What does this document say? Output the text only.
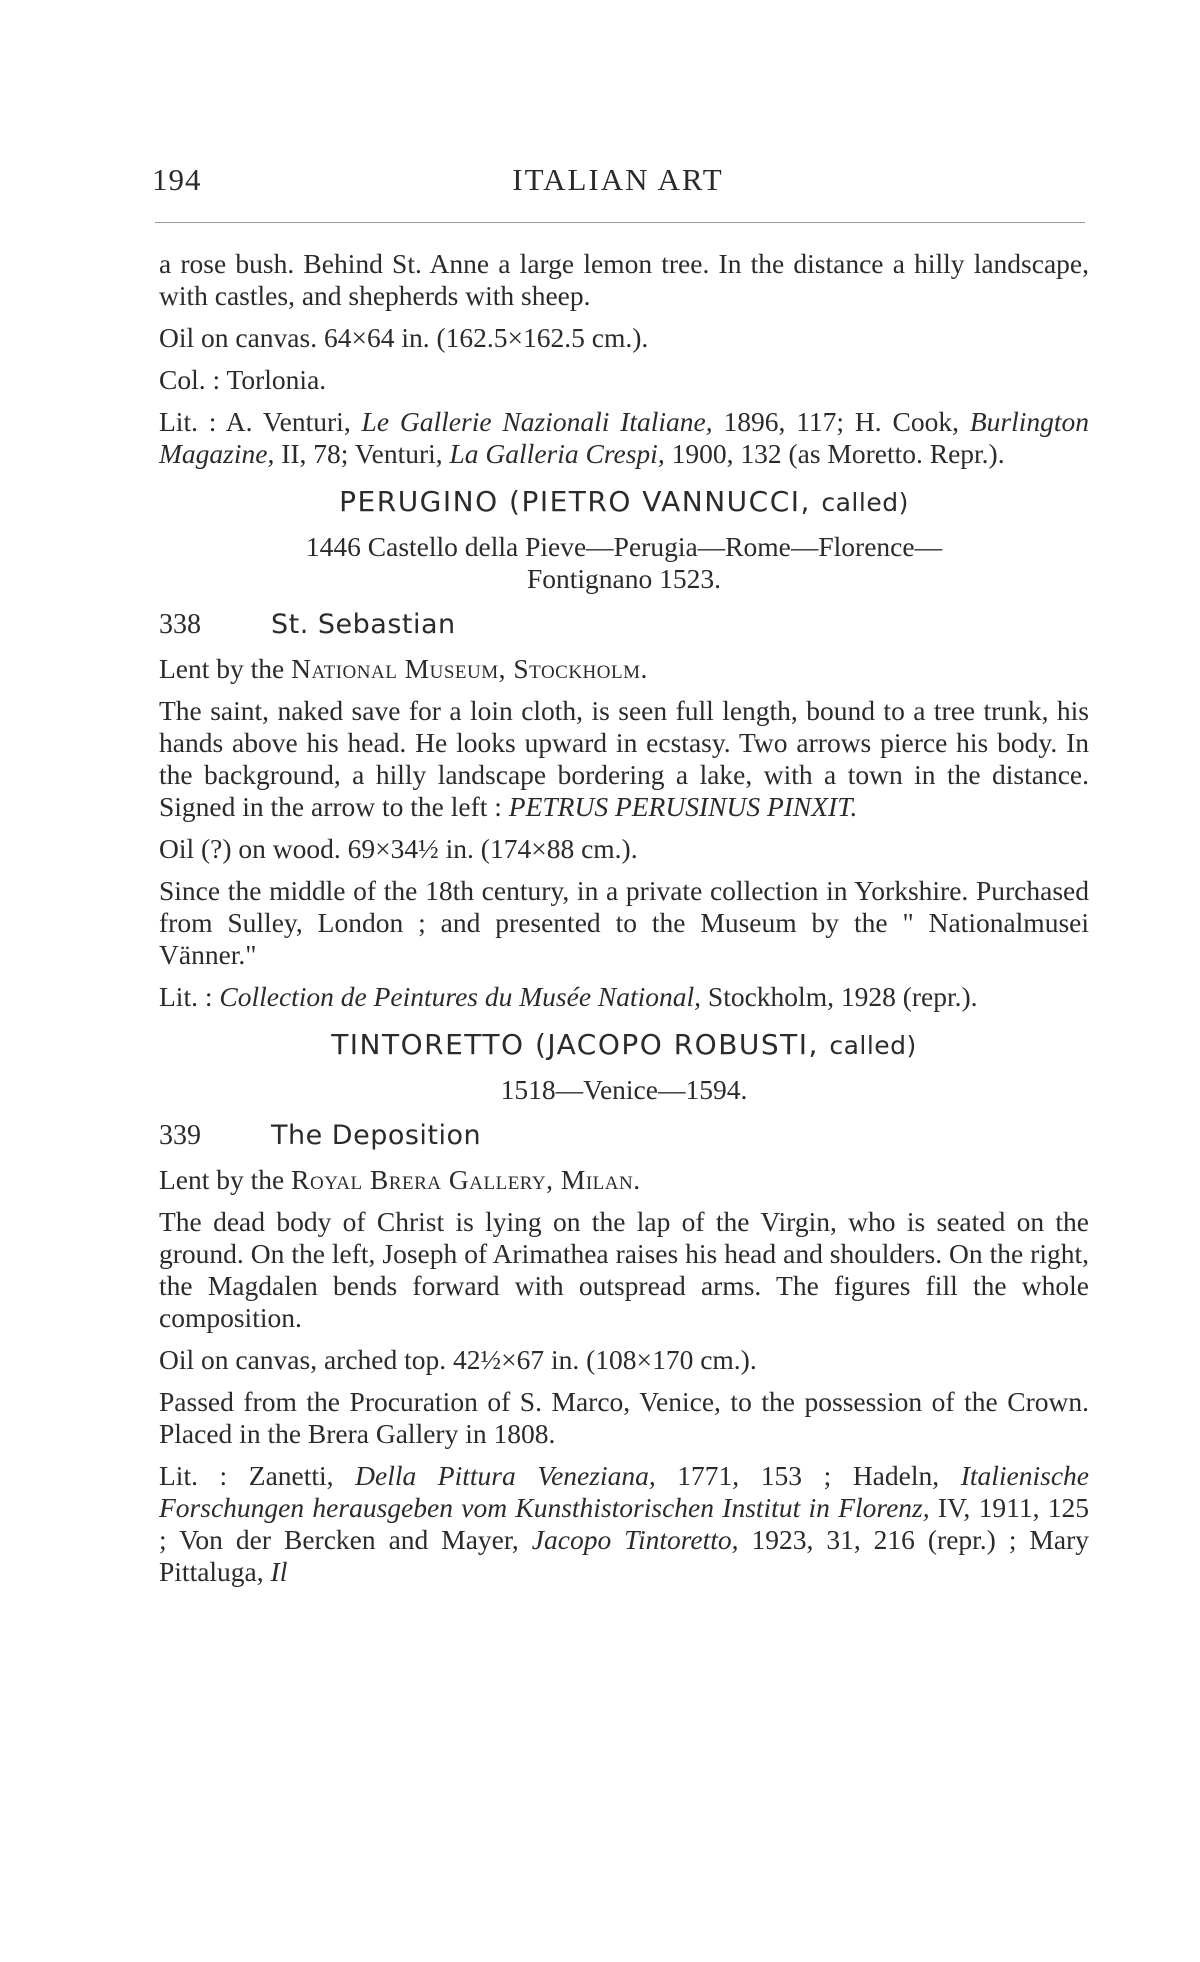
194	ITALIAN ART

a rose bush. Behind St. Anne a large lemon tree. In the distance a hilly landscape, with castles, and shepherds with sheep.

Oil on canvas. 64×64 in. (162.5×162.5 cm.).

Col. : Torlonia.

Lit. : A. Venturi, Le Gallerie Nazionali Italiane, 1896, 117; H. Cook, Burlington Magazine, II, 78; Venturi, La Galleria Crespi, 1900, 132 (as Moretto. Repr.).

PERUGINO (PIETRO VANNUCCI, called)
1446 Castello della Pieve—Perugia—Rome—Florence—
Fontignano 1523.
338	St. Sebastian

Lent by the National Museum, Stockholm.

The saint, naked save for a loin cloth, is seen full length, bound to a tree trunk, his hands above his head. He looks upward in ecstasy. Two arrows pierce his body. In the background, a hilly landscape bordering a lake, with a town in the distance. Signed in the arrow to the left : PETRUS PERUSINUS PINXIT.

Oil (?) on wood. 69×34½ in. (174×88 cm.).

Since the middle of the 18th century, in a private collection in Yorkshire. Purchased from Sulley, London ; and presented to the Museum by the " Nationalmusei Vänner."

Lit. : Collection de Peintures du Musée National, Stockholm, 1928 (repr.).

TINTORETTO (JACOPO ROBUSTI, called)
1518—Venice—1594.
339	The Deposition

Lent by the Royal Brera Gallery, Milan.

The dead body of Christ is lying on the lap of the Virgin, who is seated on the ground. On the left, Joseph of Arimathea raises his head and shoulders. On the right, the Magdalen bends forward with outspread arms. The figures fill the whole composition.

Oil on canvas, arched top. 42½×67 in. (108×170 cm.).

Passed from the Procuration of S. Marco, Venice, to the possession of the Crown. Placed in the Brera Gallery in 1808.

Lit. : Zanetti, Della Pittura Veneziana, 1771, 153 ; Hadeln, Italienische Forschungen herausgeben vom Kunsthistorischen Institut in Florenz, IV, 1911, 125 ; Von der Bercken and Mayer, Jacopo Tintoretto, 1923, 31, 216 (repr.) ; Mary Pittaluga, Il
